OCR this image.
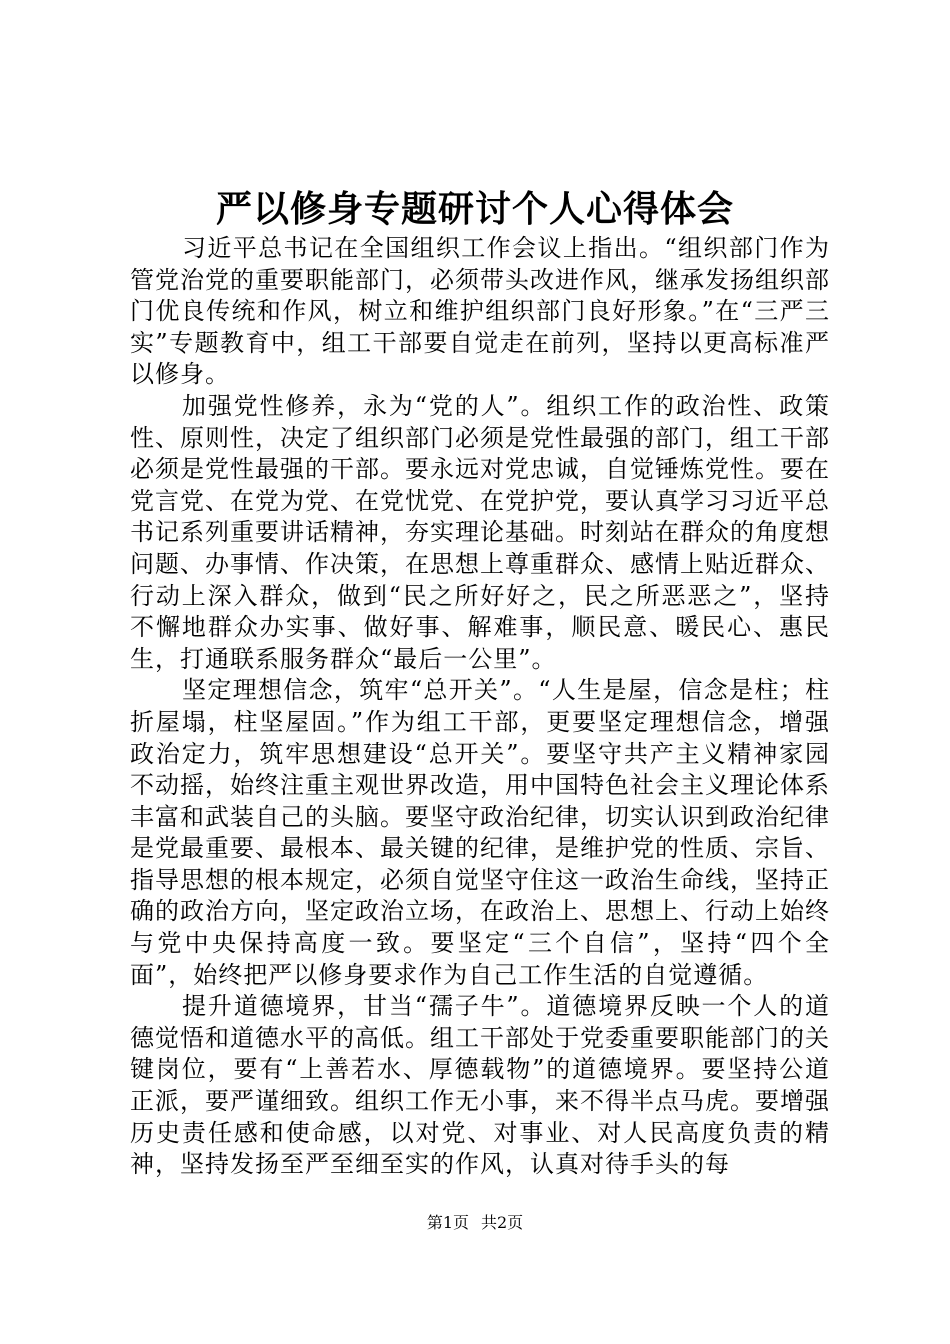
严以修身专题研讨个人心得体会

习近平总书记在全国组织工作会议上指出。“组织部门作为管党治党的重要职能部门，必须带头改进作风，继承发扬组织部门优良传统和作风，树立和维护组织部门良好形象。”在“三严三实”专题教育中，组工干部要自觉走在前列，坚持以更高标准严以修身。

加强党性修养，永为“党的人”。组织工作的政治性、政策性、原则性，决定了组织部门必须是党性最强的部门，组工干部必须是党性最强的干部。要永远对党忠诚，自觉锤炼党性。要在党言党、在党为党、在党忧党、在党护党，要认真学习习近平总书记系列重要讲话精神，夯实理论基础。时刻站在群众的角度想问题、办事情、作决策，在思想上尊重群众、感情上贴近群众、行动上深入群众，做到“民之所好好之，民之所恶恶之”，坚持不懈地群众办实事、做好事、解难事，顺民意、暖民心、惠民生，打通联系服务群众“最后一公里”。

坚定理想信念，筑牢“总开关”。“人生是屋，信念是柱；柱折屋塌，柱坚屋固。”作为组工干部，更要坚定理想信念，增强政治定力，筑牢思想建设“总开关”。要坚守共产主义精神家园不动摇，始终注重主观世界改造，用中国特色社会主义理论体系丰富和武装自己的头脑。要坚守政治纪律，切实认识到政治纪律是党最重要、最根本、最关键的纪律，是维护党的性质、宗旨、指导思想的根本规定，必须自觉坚守住这一政治生命线，坚持正确的政治方向，坚定政治立场，在政治上、思想上、行动上始终与党中央保持高度一致。要坚定“三个自信”，坚持“四个全面”，始终把严以修身要求作为自己工作生活的自觉遵循。

提升道德境界，甘当“孺子牛”。道德境界反映一个人的道德觉悟和道德水平的高低。组工干部处于党委重要职能部门的关键岗位，要有“上善若水、厚德载物”的道德境界。要坚持公道正派，要严谨细致。组织工作无小事，来不得半点马虎。要增强历史责任感和使命感，以对党、对事业、对人民高度负责的精神，坚持发扬至严至细至实的作风，认真对待手头的每

第1页 共2页
